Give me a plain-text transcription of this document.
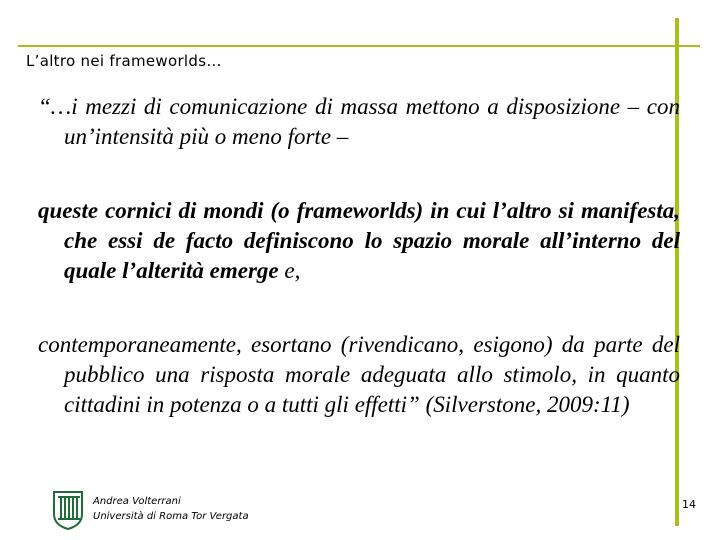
L’altro nei frameworlds…
“…i mezzi di comunicazione di massa mettono a disposizione – con un’intensità più o meno forte –
queste cornici di mondi (o frameworlds) in cui l’altro si manifesta, che essi de facto definiscono lo spazio morale all’interno del quale l’alterità emerge e,
contemporaneamente, esortano (rivendicano, esigono) da parte del pubblico una risposta morale adeguata allo stimolo, in quanto cittadini in potenza o a tutti gli effetti” (Silverstone, 2009:11)
Andrea Volterrani
Università di Roma Tor Vergata
14
